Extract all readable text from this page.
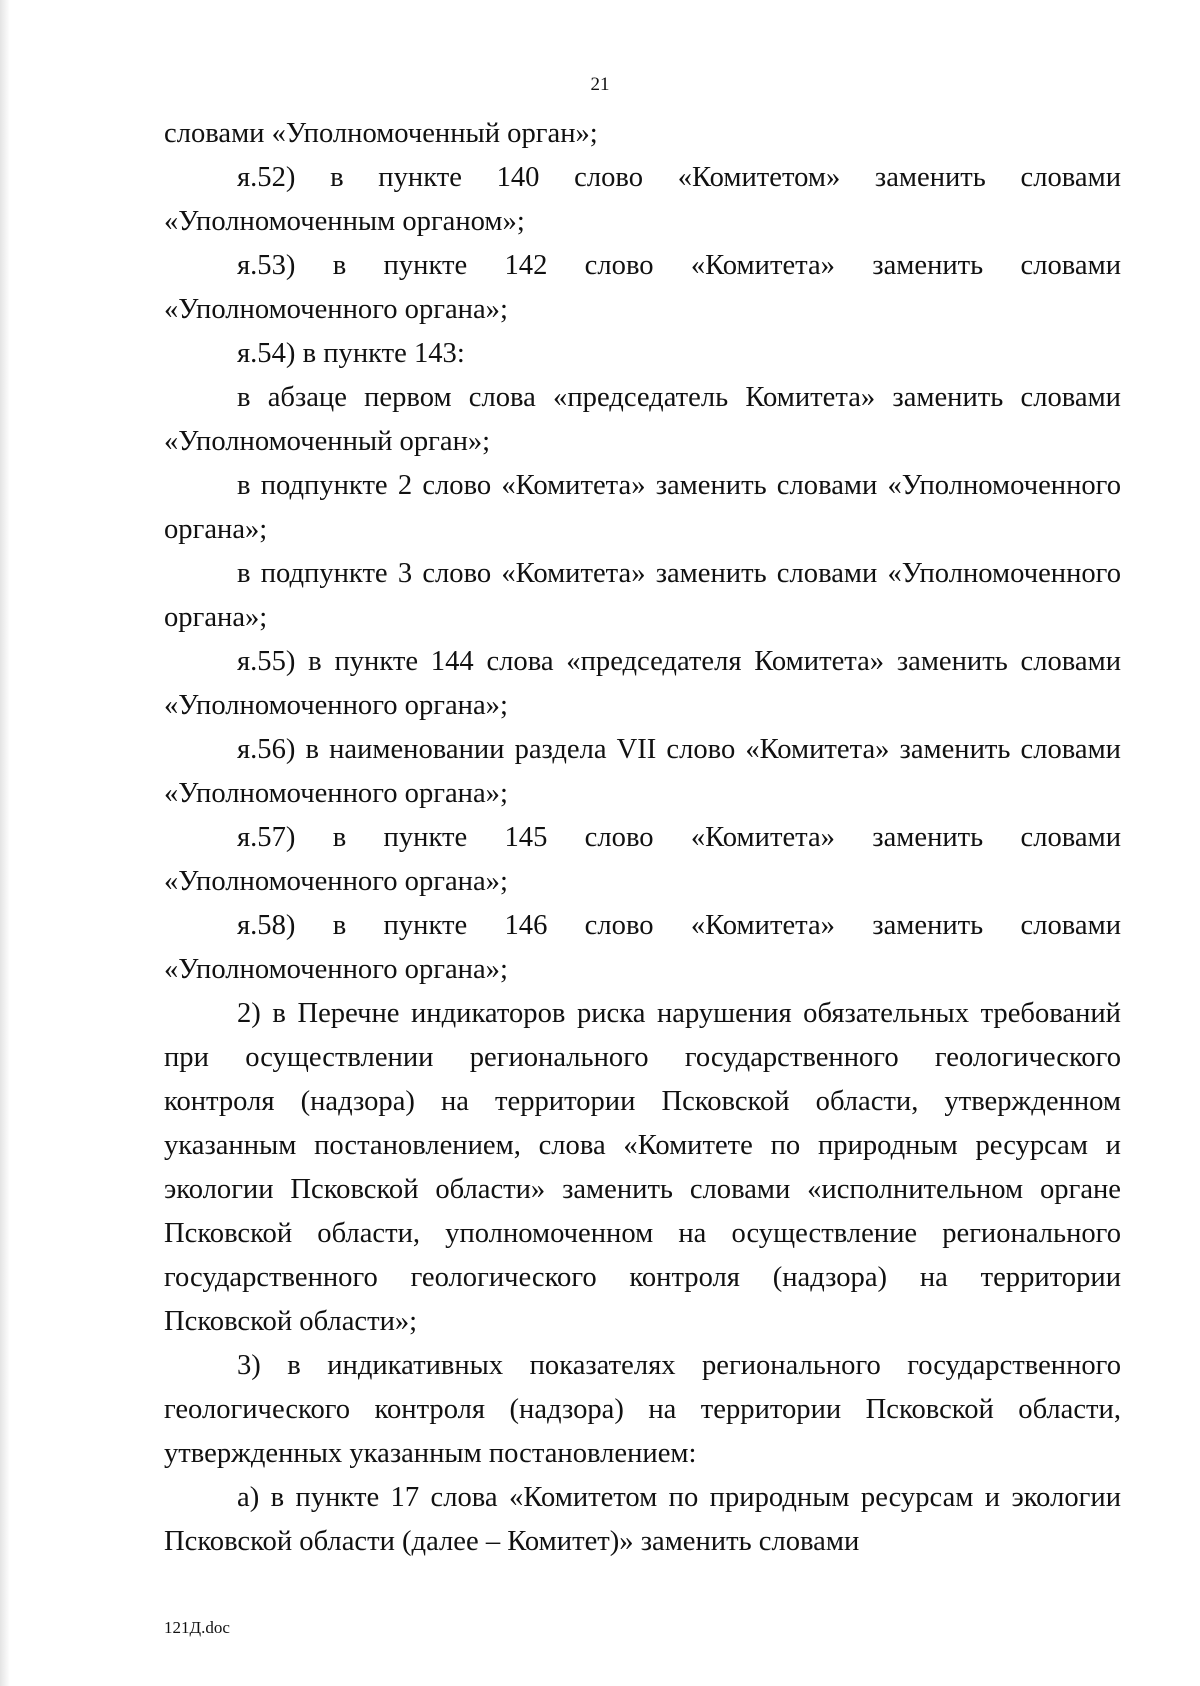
21

словами «Уполномоченный орган»;

я.52) в пункте 140 слово «Комитетом» заменить словами «Уполномоченным органом»;

я.53) в пункте 142 слово «Комитета» заменить словами «Уполномоченного органа»;

я.54) в пункте 143:

в абзаце первом слова «председатель Комитета» заменить словами «Уполномоченный орган»;

в подпункте 2 слово «Комитета» заменить словами «Уполномоченного органа»;

в подпункте 3 слово «Комитета» заменить словами «Уполномоченного органа»;

я.55) в пункте 144 слова «председателя Комитета» заменить словами «Уполномоченного органа»;

я.56) в наименовании раздела VII слово «Комитета» заменить словами «Уполномоченного органа»;

я.57) в пункте 145 слово «Комитета» заменить словами «Уполномоченного органа»;

я.58) в пункте 146 слово «Комитета» заменить словами «Уполномоченного органа»;

2) в Перечне индикаторов риска нарушения обязательных требований при осуществлении регионального государственного геологического контроля (надзора) на территории Псковской области, утвержденном указанным постановлением, слова «Комитете по природным ресурсам и экологии Псковской области» заменить словами «исполнительном органе Псковской области, уполномоченном на осуществление регионального государственного геологического контроля (надзора) на территории Псковской области»;

3) в индикативных показателях регионального государственного геологического контроля (надзора) на территории Псковской области, утвержденных указанным постановлением:

а) в пункте 17 слова «Комитетом по природным ресурсам и экологии Псковской области (далее – Комитет)» заменить словами

121Д.doc
